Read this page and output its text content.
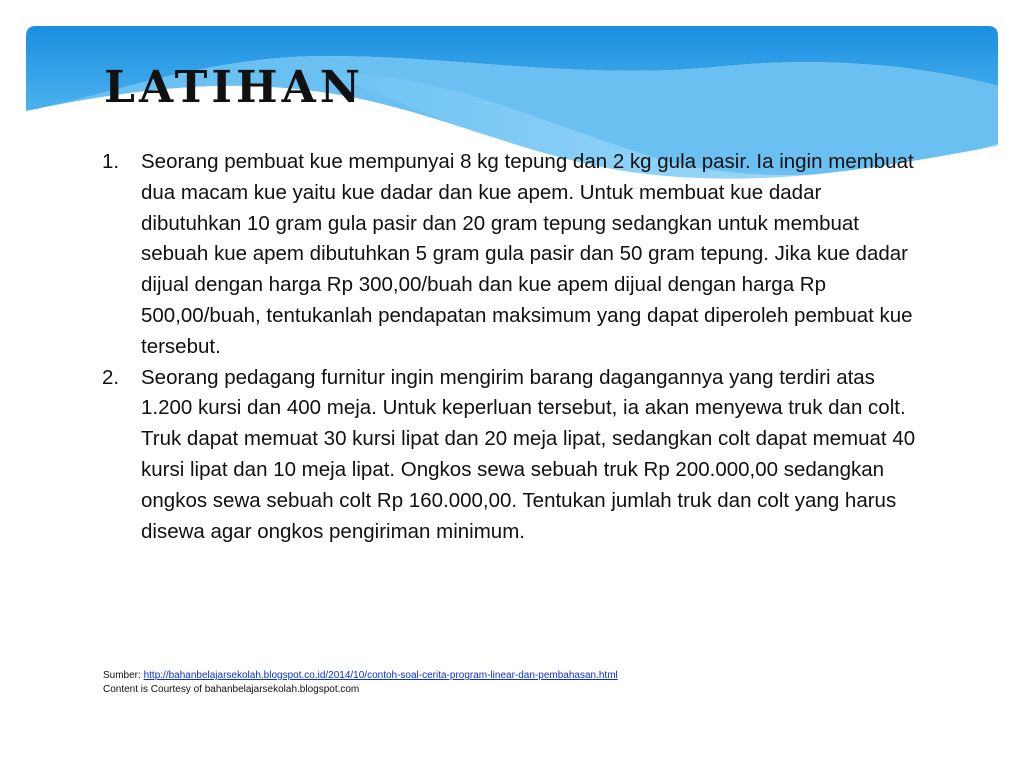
LATIHAN
1. Seorang pembuat kue mempunyai 8 kg tepung dan 2 kg gula pasir. Ia ingin membuat dua macam kue yaitu kue dadar dan kue apem. Untuk membuat kue dadar dibutuhkan 10 gram gula pasir dan 20 gram tepung sedangkan untuk membuat sebuah kue apem dibutuhkan 5 gram gula pasir dan 50 gram tepung. Jika kue dadar dijual dengan harga Rp 300,00/buah dan kue apem dijual dengan harga Rp 500,00/buah, tentukanlah pendapatan maksimum yang dapat diperoleh pembuat kue tersebut.
2. Seorang pedagang furnitur ingin mengirim barang dagangannya yang terdiri atas 1.200 kursi dan 400 meja. Untuk keperluan tersebut, ia akan menyewa truk dan colt. Truk dapat memuat 30 kursi lipat dan 20 meja lipat, sedangkan colt dapat memuat 40 kursi lipat dan 10 meja lipat. Ongkos sewa sebuah truk Rp 200.000,00 sedangkan ongkos sewa sebuah colt Rp 160.000,00. Tentukan jumlah truk dan colt yang harus disewa agar ongkos pengiriman minimum.
Sumber: http://bahanbelajarsekolah.blogspot.co.id/2014/10/contoh-soal-cerita-program-linear-dan-pembahasan.html
Content is Courtesy of bahanbelajarsekolah.blogspot.com
